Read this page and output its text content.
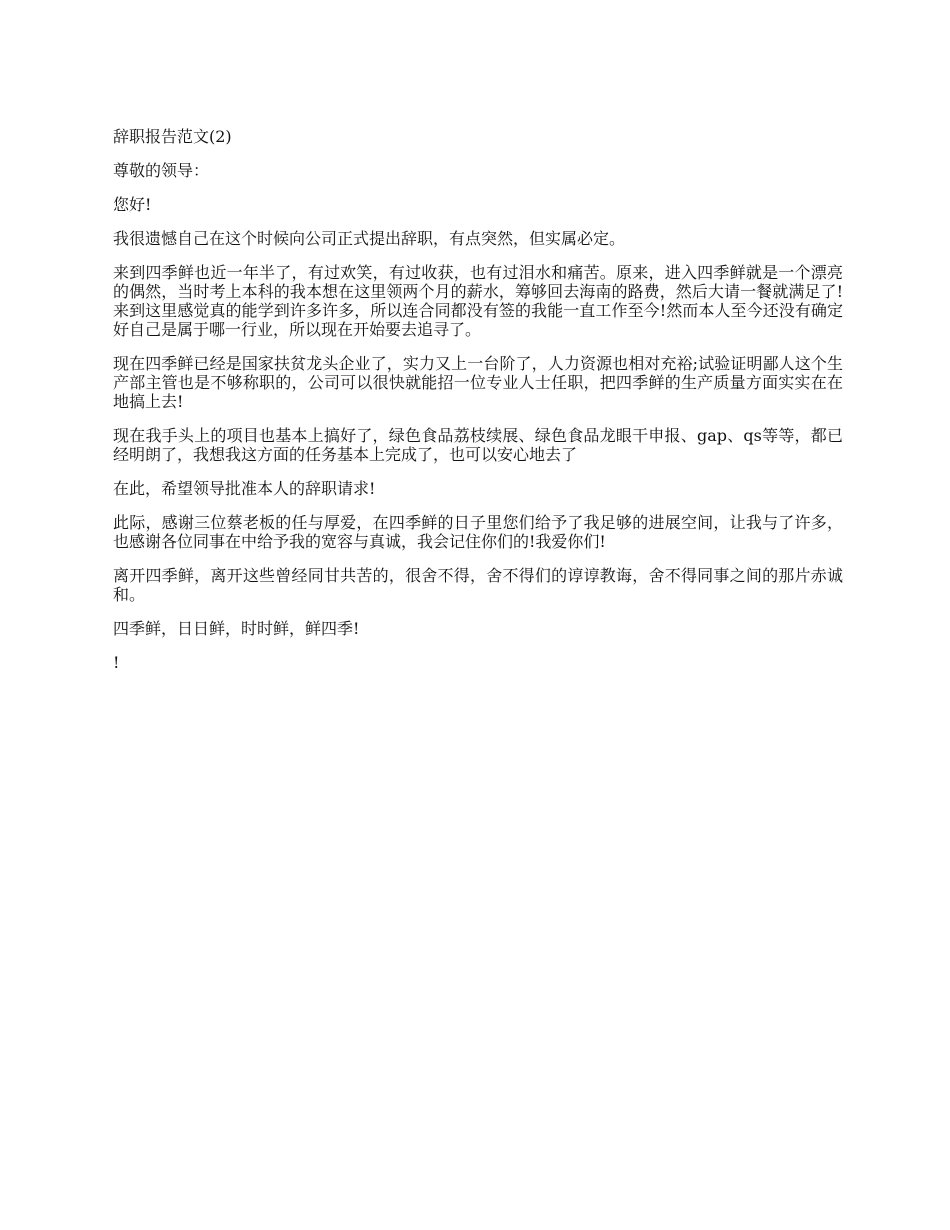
辞职报告范文(2)

尊敬的领导：

您好!

我很遗憾自己在这个时候向公司正式提出辞职，有点突然，但实属必定。

来到四季鲜也近一年半了，有过欢笑，有过收获，也有过泪水和痛苦。原来，进入四季鲜就是一个漂亮的偶然，当时考上本科的我本想在这里领两个月的薪水，筹够回去海南的路费，然后大请一餐就满足了!来到这里感觉真的能学到许多许多，所以连合同都没有签的我能一直工作至今!然而本人至今还没有确定好自己是属于哪一行业，所以现在开始要去追寻了。

现在四季鲜已经是国家扶贫龙头企业了，实力又上一台阶了，人力资源也相对充裕;试验证明鄙人这个生产部主管也是不够称职的，公司可以很快就能招一位专业人士任职，把四季鲜的生产质量方面实实在在地搞上去!

现在我手头上的项目也基本上搞好了，绿色食品荔枝续展、绿色食品龙眼干申报、gap、qs等等，都已经明朗了，我想我这方面的任务基本上完成了，也可以安心地去了

在此，希望领导批准本人的辞职请求!

此际，感谢三位蔡老板的任与厚爱，在四季鲜的日子里您们给予了我足够的进展空间，让我与了许多，也感谢各位同事在中给予我的宽容与真诚，我会记住你们的!我爱你们!

离开四季鲜，离开这些曾经同甘共苦的，很舍不得，舍不得们的谆谆教诲，舍不得同事之间的那片赤诚和。

四季鲜，日日鲜，时时鲜，鲜四季!

!
